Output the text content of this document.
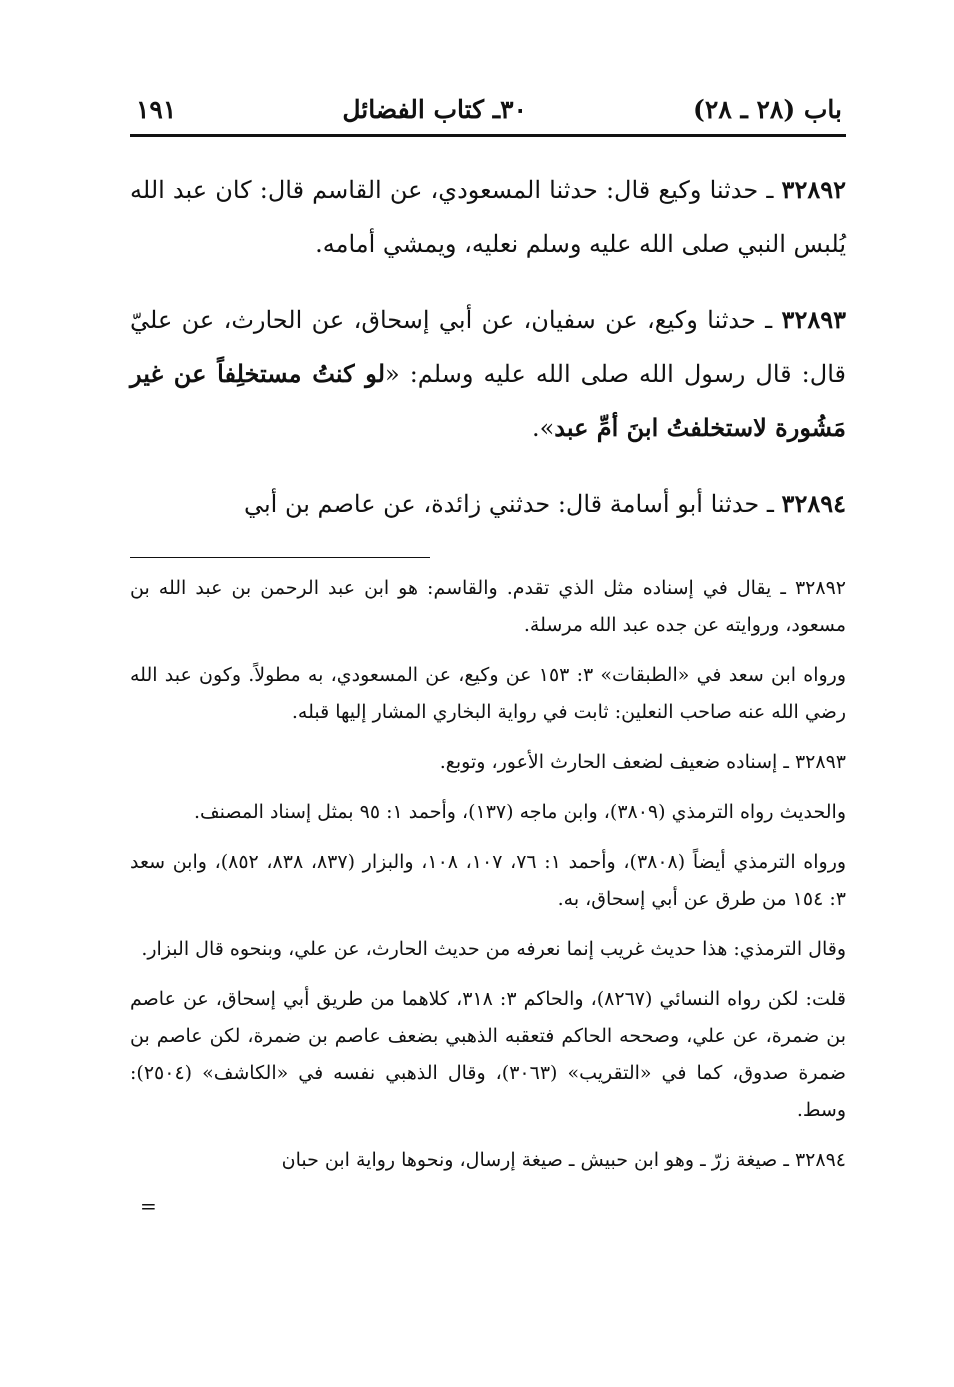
باب (٢٨ ـ ٢٨)
٣٠ـ كتاب الفضائل
١٩١

٣٢٨٩٢ ـ حدثنا وكيع قال: حدثنا المسعودي، عن القاسم قال: كان عبد الله يُلبس النبي صلى الله عليه وسلم نعليه، ويمشي أمامه.

٣٢٨٩٣ ـ حدثنا وكيع، عن سفيان، عن أبي إسحاق، عن الحارث، عن عليّ قال: قال رسول الله صلى الله عليه وسلم: «لو كنتُ مستخلِفاً عن غير مَشُورة لاستخلفتُ ابنَ أمِّ عبد».

٣٢٨٩٤ ـ حدثنا أبو أسامة قال: حدثني زائدة، عن عاصم بن أبي

٣٢٨٩٢ ـ يقال في إسناده مثل الذي تقدم. والقاسم: هو ابن عبد الرحمن بن عبد الله بن مسعود، وروايته عن جده عبد الله مرسلة.

ورواه ابن سعد في «الطبقات» ٣: ١٥٣ عن وكيع، عن المسعودي، به مطولاً. وكون عبد الله رضي الله عنه صاحب النعلين: ثابت في رواية البخاري المشار إليها قبله.

٣٢٨٩٣ ـ إسناده ضعيف لضعف الحارث الأعور، وتوبع.

والحديث رواه الترمذي (٣٨٠٩)، وابن ماجه (١٣٧)، وأحمد ١: ٩٥ بمثل إسناد المصنف.

ورواه الترمذي أيضاً (٣٨٠٨)، وأحمد ١: ٧٦، ١٠٧، ١٠٨، والبزار (٨٣٧، ٨٣٨، ٨٥٢)، وابن سعد ٣: ١٥٤ من طرق عن أبي إسحاق، به.

وقال الترمذي: هذا حديث غريب إنما نعرفه من حديث الحارث، عن علي، وبنحوه قال البزار.

قلت: لكن رواه النسائي (٨٢٦٧)، والحاكم ٣: ٣١٨، كلاهما من طريق أبي إسحاق، عن عاصم بن ضمرة، عن علي، وصححه الحاكم فتعقبه الذهبي بضعف عاصم بن ضمرة، لكن عاصم بن ضمرة صدوق، كما في «التقريب» (٣٠٦٣)، وقال الذهبي نفسه في «الكاشف» (٢٥٠٤): وسط.

٣٢٨٩٤ ـ صيغة زرّ ـ وهو ابن حبيش ـ صيغة إرسال، ونحوها رواية ابن حبان

=
